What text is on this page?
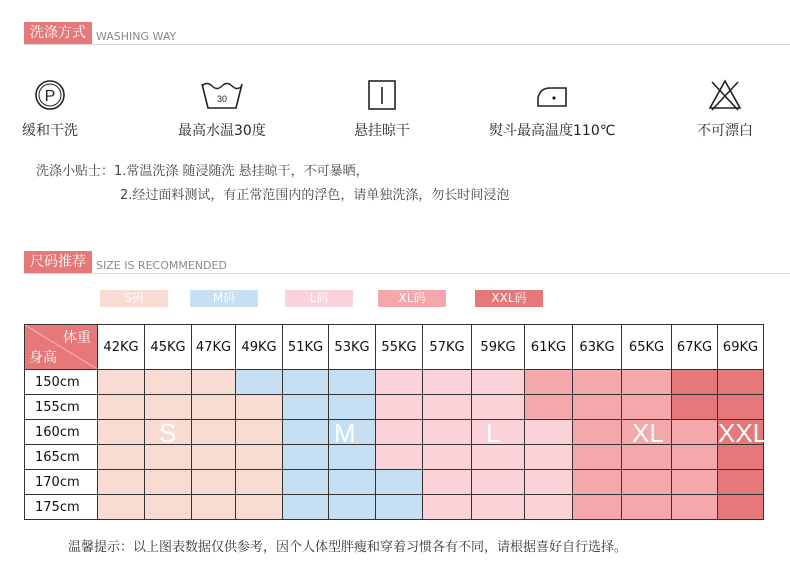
洗涤方式 WASHING WAY
P
缓和干洗
30
最高水温30度	悬挂晾干	熨斗最高温度110℃	不可漂白
洗涤小贴士：1.常温洗涤 随浸随洗 悬挂晾干，不可暴晒，
2.经过面料测试，有正常范围内的浮色，请单独洗涤，勿长时间浸泡
尺码推荐 SIZE IS RECOMMENDED
S码	M码	L码	XL码	XXL码
体重
身高	42KG	45KG	47KG	49KG	51KG	53KG	55KG	57KG	59KG	61KG	63KG	65KG	67KG	69KG
150cm														
155cm														
160cm														
165cm														
170cm														
175cm														
S	M	L	XL XXL
温馨提示：以上图表数据仅供参考，因个人体型胖瘦和穿着习惯各有不同，请根据喜好自行选择。
